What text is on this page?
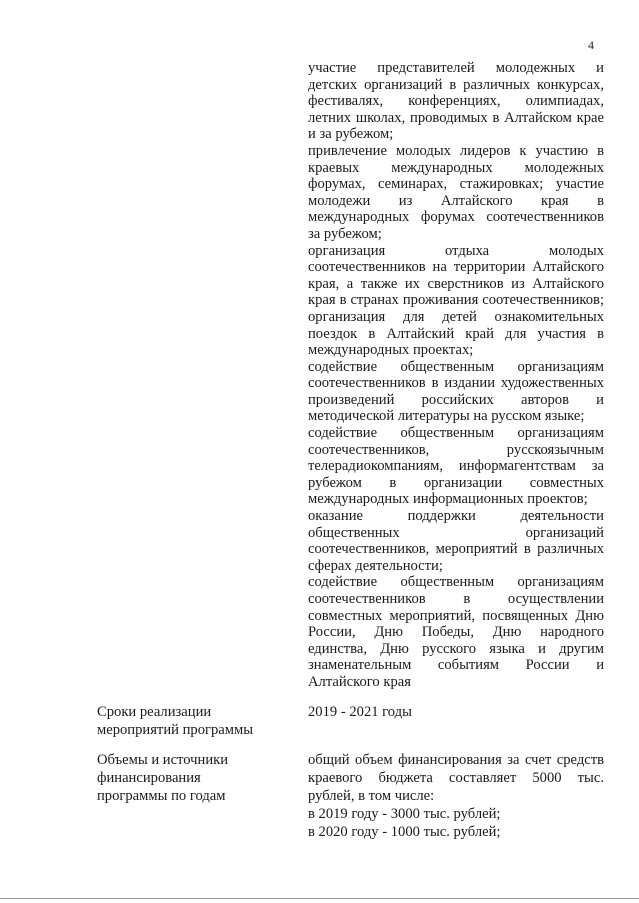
4
участие представителей молодежных и детских организаций в различных конкурсах, фестивалях, конференциях, олимпиадах, летних школах, проводимых в Алтайском крае и за рубежом;
привлечение молодых лидеров к участию в краевых международных молодежных форумах, семинарах, стажировках; участие молодежи из Алтайского края в международных форумах соотечественников за рубежом;
организация отдыха молодых соотечественников на территории Алтайского края, а также их сверстников из Алтайского края в странах проживания соотечественников; организация для детей ознакомительных поездок в Алтайский край для участия в международных проектах;
содействие общественным организациям соотечественников в издании художественных произведений российских авторов и методической литературы на русском языке;
содействие общественным организациям соотечественников, русскоязычным телерадиокомпаниям, информагентствам за рубежом в организации совместных международных информационных проектов;
оказание поддержки деятельности общественных организаций соотечественников, мероприятий в различных сферах деятельности;
содействие общественным организациям соотечественников в осуществлении совместных мероприятий, посвященных Дню России, Дню Победы, Дню народного единства, Дню русского языка и другим знаменательным событиям России и Алтайского края
Сроки реализации мероприятий программы
2019 - 2021 годы
Объемы и источники финансирования программы по годам
общий объем финансирования за счет средств краевого бюджета составляет 5000 тыс. рублей, в том числе:
в 2019 году - 3000 тыс. рублей;
в 2020 году - 1000 тыс. рублей;
